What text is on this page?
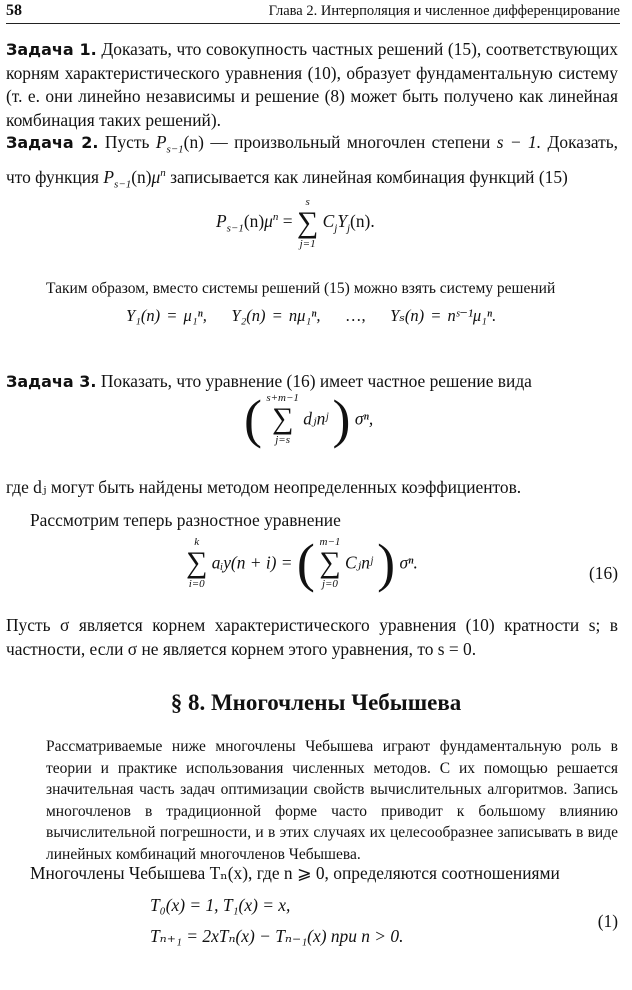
58	Глава 2. Интерполяция и численное дифференцирование
Задача 1. Доказать, что совокупность частных решений (15), соответствующих корням характеристического уравнения (10), образует фундаментальную систему (т. е. они линейно независимы и решение (8) может быть получено как линейная комбинация таких решений).
Задача 2. Пусть $P_{s-1}(n)$ — произвольный многочлен степени s − 1. Доказать, что функция $P_{s-1}(n)\mu^n$ записывается как линейная комбинация функций (15)
$P_{s-1}(n)\mu^n$ =
s
∑
j=1
$C_jY_j(n)$.
Таким образом, вместо системы решений (15) можно взять систему решений
Y₁(n) = μ₁ⁿ, Y₂(n) = nμ₁ⁿ, …, Yₛ(n) = nˢ⁻¹μ₁ⁿ.
Задача 3. Показать, что уравнение (16) имеет частное решение вида
( s+m−1
∑
j=s
dⱼnʲ ) σⁿ,
где dⱼ могут быть найдены методом неопределенных коэффициентов.
Рассмотрим теперь разностное уравнение
k
∑
i=0
aᵢy(n + i) = ( m−1
∑
j=0
Cⱼnʲ ) σⁿ.
(16)
Пусть σ является корнем характеристического уравнения (10) кратности s; в частности, если σ не является корнем этого уравнения, то s = 0.
§ 8. Многочлены Чебышева
Рассматриваемые ниже многочлены Чебышева играют фундаментальную роль в теории и практике использования численных методов. С их помощью решается значительная часть задач оптимизации свойств вычислительных алгоритмов. Запись многочленов в традиционной форме часто приводит к большому влиянию вычислительной погрешности, и в этих случаях их целесообразнее записывать в виде линейных комбинаций многочленов Чебышева.
Многочлены Чебышева Tₙ(x), где n ⩾ 0, определяются соотношениями
T₀(x) = 1, T₁(x) = x,
Tₙ₊₁ = 2xTₙ(x) − Tₙ₋₁(x) при n > 0.
(1)
